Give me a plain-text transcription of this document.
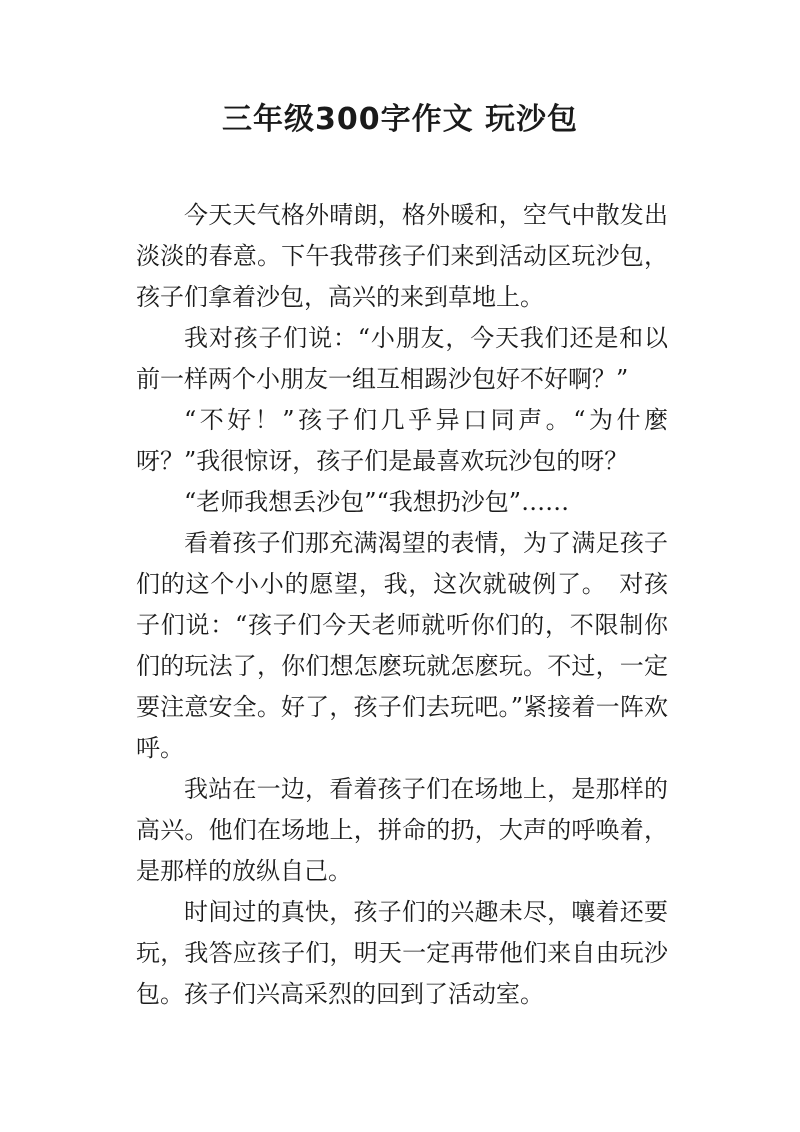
三年级300字作文 玩沙包

今天天气格外晴朗，格外暖和，空气中散发出淡淡的春意。下午我带孩子们来到活动区玩沙包，孩子们拿着沙包，高兴的来到草地上。

我对孩子们说：“小朋友，今天我们还是和以前一样两个小朋友一组互相踢沙包好不好啊？”

“不好！”孩子们几乎异口同声。“为什麼呀？”我很惊讶，孩子们是最喜欢玩沙包的呀？

“老师我想丢沙包”“我想扔沙包”……

看着孩子们那充满渴望的表情，为了满足孩子们的这个小小的愿望，我，这次就破例了。　对孩子们说：“孩子们今天老师就听你们的，不限制你们的玩法了，你们想怎麽玩就怎麽玩。不过，一定要注意安全。好了，孩子们去玩吧。”紧接着一阵欢呼。

我站在一边，看着孩子们在场地上，是那样的高兴。他们在场地上，拼命的扔，大声的呼唤着，是那样的放纵自己。

时间过的真快，孩子们的兴趣未尽，嚷着还要玩，我答应孩子们，明天一定再带他们来自由玩沙包。孩子们兴高采烈的回到了活动室。
